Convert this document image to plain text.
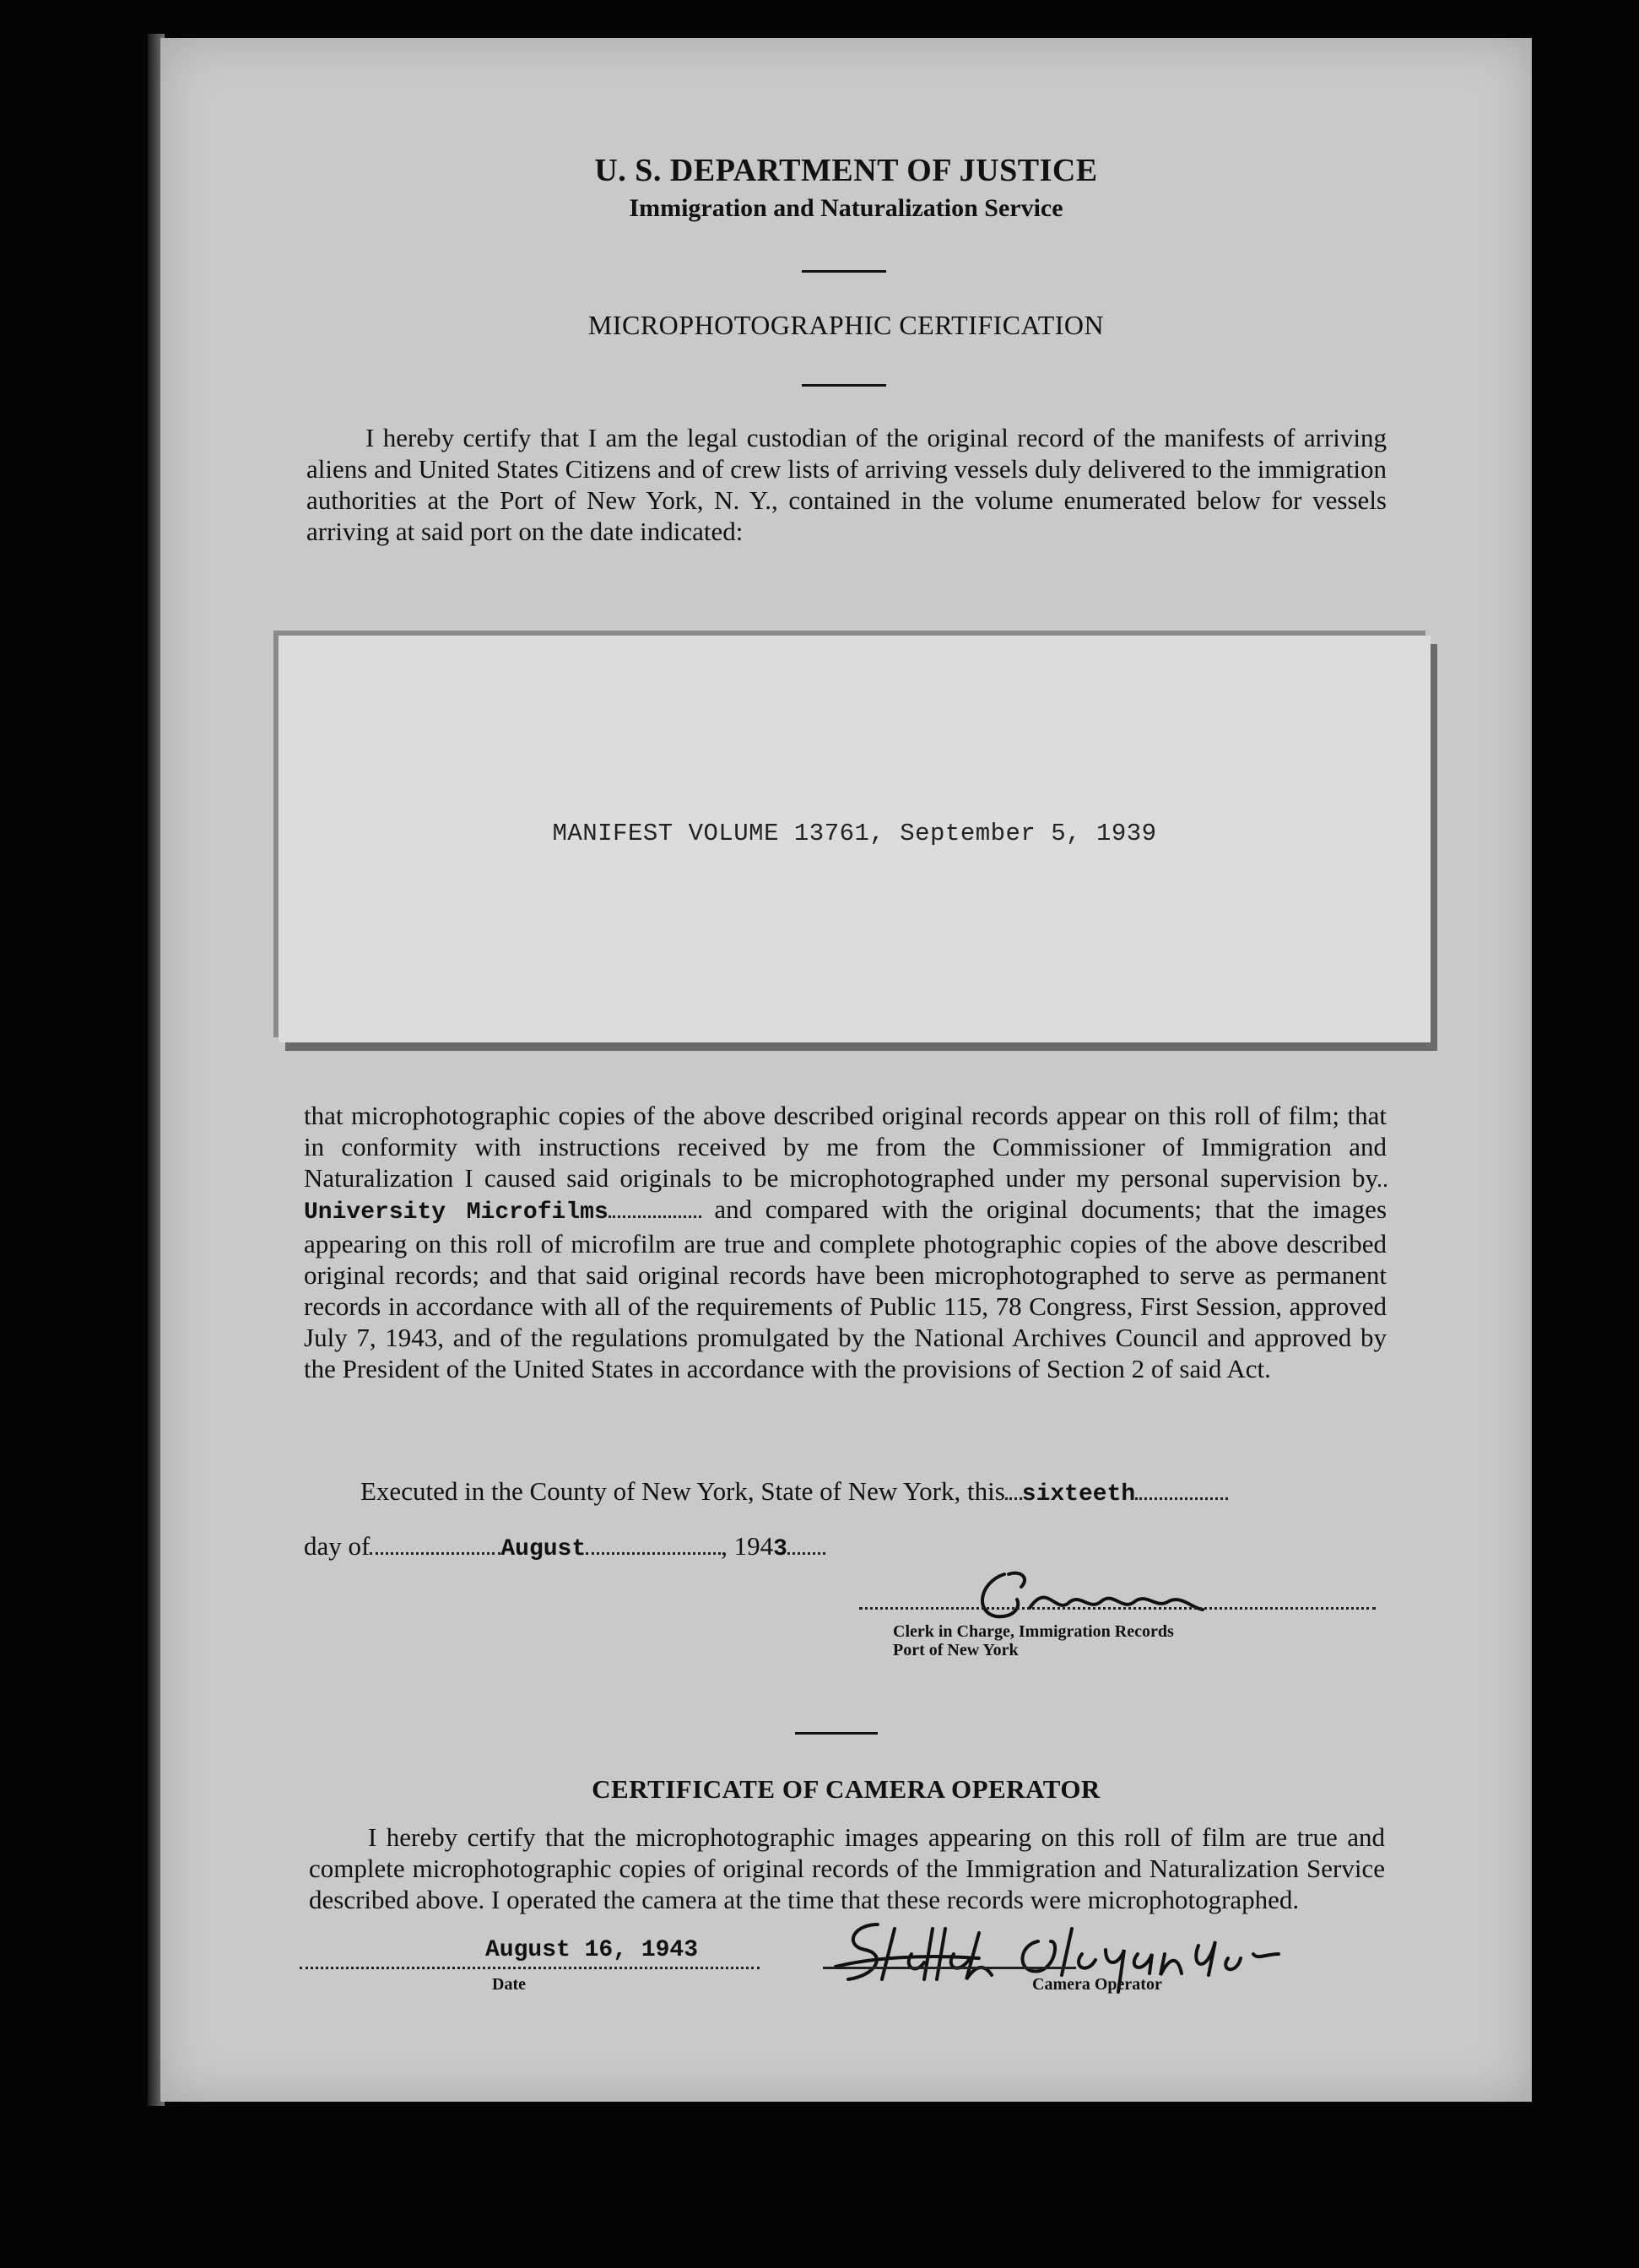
U. S. DEPARTMENT OF JUSTICE
Immigration and Naturalization Service
MICROPHOTOGRAPHIC CERTIFICATION
I hereby certify that I am the legal custodian of the original record of the manifests of arriving aliens and United States Citizens and of crew lists of arriving vessels duly delivered to the immigration authorities at the Port of New York, N. Y., contained in the volume enumerated below for vessels arriving at said port on the date indicated:
MANIFEST VOLUME 13761, September 5, 1939
that microphotographic copies of the above described original records appear on this roll of film; that in conformity with instructions received by me from the Commissioner of Immigration and Naturalization I caused said originals to be microphotographed under my personal supervision byUniversity Microfilms	and compared with the original documents; that the images appearing on this roll of microfilm are true and complete photographic copies of the above described original records; and that said original records have been microphotographed to serve as permanent records in accordance with all of the requirements of Public 115, 78 Congress, First Session, approved July 7, 1943, and of the regulations promulgated by the National Archives Council and approved by the President of the United States in accordance with the provisions of Section 2 of said Act.
Executed in the County of New York, State of New York, this sixteeth
day of	August	, 1943
Clerk in Charge, Immigration Records
Port of New York
CERTIFICATE OF CAMERA OPERATOR
I hereby certify that the microphotographic images appearing on this roll of film are true and complete microphotographic copies of original records of the Immigration and Naturalization Service described above. I operated the camera at the time that these records were microphotographed.
August 16, 1943
Date	Camera Operator
